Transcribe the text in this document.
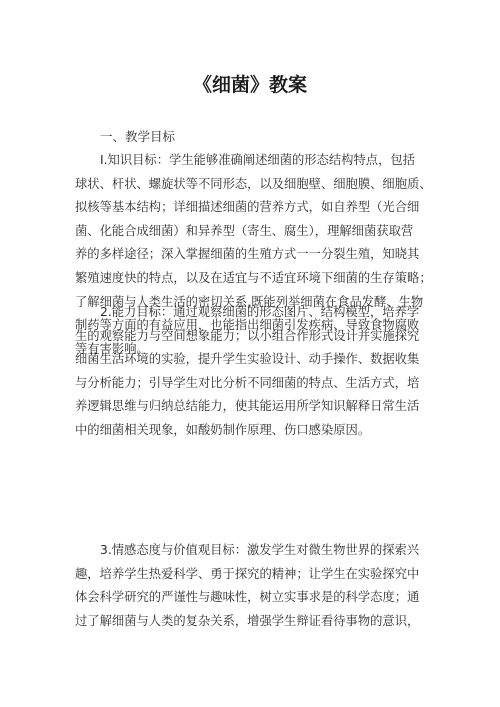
《细菌》教案
一、教学目标
I.知识目标：学生能够准确阐述细菌的形态结构特点，包括
球状、杆状、螺旋状等不同形态，以及细胞壁、细胞膜、细胞质、
拟核等基本结构；详细描述细菌的营养方式，如自养型（光合细
菌、化能合成细菌）和异养型（寄生、腐生），理解细菌获取营
养的多样途径；深入掌握细菌的生殖方式一一分裂生殖，知晓其
繁殖速度快的特点，以及在适宜与不适宜环境下细菌的生存策略；
了解细菌与人类生活的密切关系,既能列举细菌在食品发酵、生物
制药等方面的有益应用，也能指出细菌引发疾病、导致食物腐败
等有害影响。
2.能力目标：通过观察细菌的形态图片、结构模型，培养学
生的观察能力与空间想象能力；以小组合作形式设计并实施探究
细菌生活环境的实验，提升学生实验设计、动手操作、数据收集
与分析能力；引导学生对比分析不同细菌的特点、生活方式，培
养逻辑思维与归纳总结能力，使其能运用所学知识解释日常生活
中的细菌相关现象，如酸奶制作原理、伤口感染原因。
3.情感态度与价值观目标：激发学生对微生物世界的探索兴
趣，培养学生热爱科学、勇于探究的精神；让学生在实验探究中
体会科学研究的严谨性与趣味性，树立实事求是的科学态度；通
过了解细菌与人类的复杂关系，增强学生辩证看待事物的意识，
